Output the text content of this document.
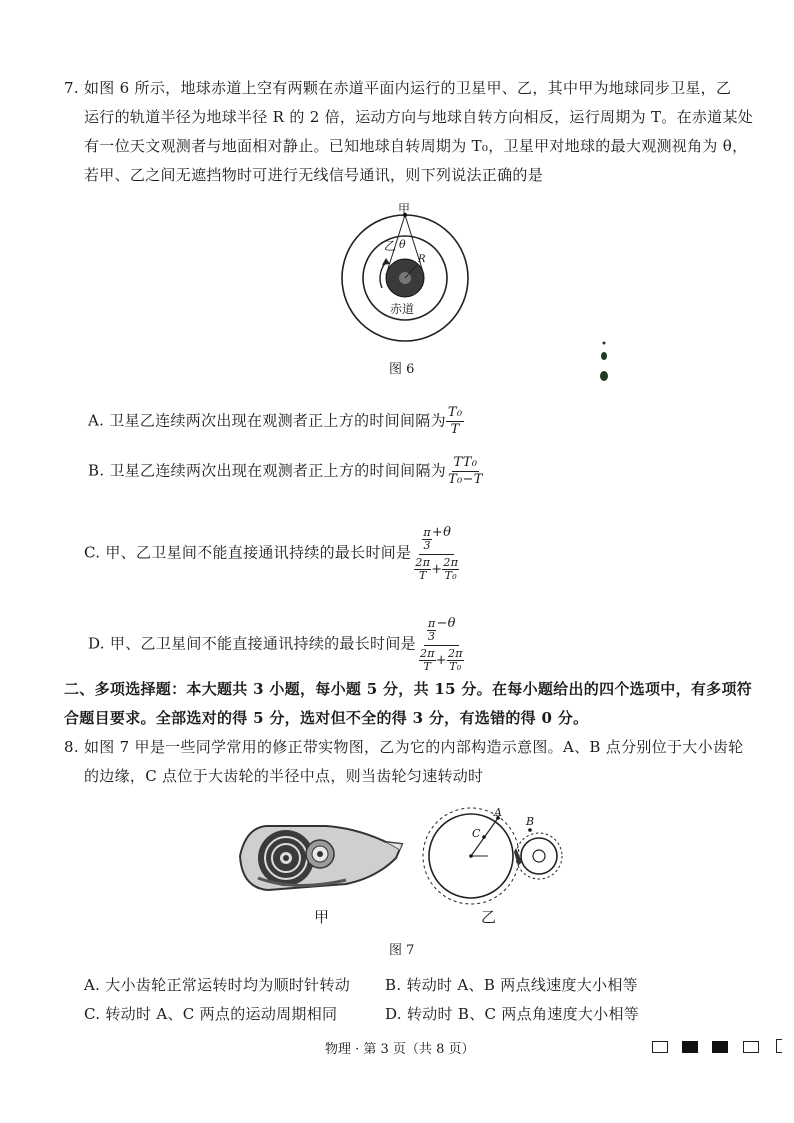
7. 如图 6 所示，地球赤道上空有两颗在赤道平面内运行的卫星甲、乙，其中甲为地球同步卫星，乙
运行的轨道半径为地球半径 R 的 2 倍，运动方向与地球自转方向相反，运行周期为 T。在赤道某处
有一位天文观测者与地面相对静止。已知地球自转周期为 T₀，卫星甲对地球的最大观测视角为 θ，
若甲、乙之间无遮挡物时可进行无线信号通讯，则下列说法正确的是
甲
乙 θ
R
赤道
图 6
A. 卫星乙连续两次出现在观测者正上方的时间间隔为 $\frac{\text{T₀}}{T}$
B. 卫星乙连续两次出现在观测者正上方的时间间隔为 $\frac{\text{TT₀}}{\text{T₀−T}}$
C. 甲、乙卫星间不能直接通讯持续的最长时间是 $\frac{\frac{\pi}{3} +\theta}{\frac{2\pi}{T} + \frac{2\pi}{\text{T₀}}}$
D. 甲、乙卫星间不能直接通讯持续的最长时间是 $\frac{\frac{\pi}{3} -\theta}{\frac{2\pi}{T} + \frac{2\pi}{\text{T₀}}}$
二、多项选择题：本大题共 3 小题，每小题 5 分，共 15 分。在每小题给出的四个选项中，有多项符
合题目要求。全部选对的得 5 分，选对但不全的得 3 分，有选错的得 0 分。
8. 如图 7 甲是一些同学常用的修正带实物图，乙为它的内部构造示意图。A、B 点分别位于大小齿轮
的边缘，C 点位于大齿轮的半径中点，则当齿轮匀速转动时
甲
A
B
C
乙
图 7
A. 大小齿轮正常运转时均为顺时针转动 B. 转动时 A、B 两点线速度大小相等
C. 转动时 A、C 两点的运动周期相同	D. 转动时 B、C 两点角速度大小相等
物理 · 第 3 页（共 8 页）
